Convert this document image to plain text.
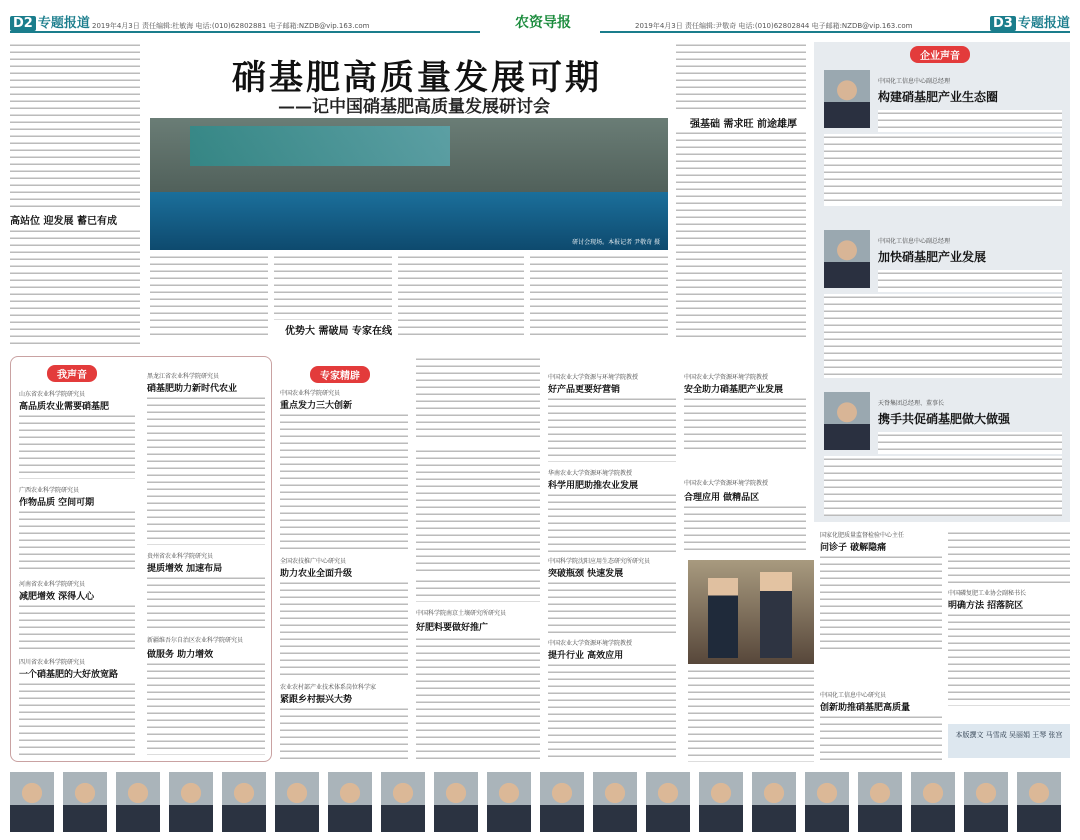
D2 专题报道 2019年4月3日 责任编辑:杜敏海 电话:(010)62802881 电子邮箱:NZDB@vip.163.com	农资导报	2019年4月3日 责任编辑:尹敬奇 电话:(010)62802844 电子邮箱:NZDB@vip.163.com	D3 专题报道
高站位 迎发展 蓄已有成
硝基肥高质量发展可期
——记中国硝基肥高质量发展研讨会
研讨会现场。本报记者 尹敬奇 摄
优势大 需破局 专家在线
强基础 需求旺 前途雄厚
企业声音
中国化工信息中心副总经理
构建硝基肥产业生态圈
中国化工信息中心副总经理
加快硝基肥产业发展
天脊集团总经理、董事长
携手共促硝基肥做大做强
我声音
山东省农业科学院研究员
高品质农业需要硝基肥
广西农业科学院研究员
作物品质 空间可期
河南省农业科学院研究员
减肥增效 深得人心
四川省农业科学院研究员
一个硝基肥的大好放宽路
黑龙江省农业科学院研究员
硝基肥助力新时代农业
贵州省农业科学院研究员
提质增效 加速布局
新疆维吾尔自治区农业科学院研究员
做服务 助力增效
专家精辟
中国农业科学院研究员
重点发力三大创新
全国农技推广中心研究员
助力农业全面升级
农业农村部产业技术体系岗位科学家
紧跟乡村振兴大势
好肥料要做好推广
中国科学院南京土壤研究所研究员
中国农业大学资源与环境学院教授
好产品更要好营销
华南农业大学资源环境学院教授
科学用肥助推农业发展
中国科学院沈阳应用生态研究所研究员
突破瓶颈 快速发展
中国农业大学资源环境学院教授
提升行业 高效应用
中国农业大学资源环境学院教授
安全助力硝基肥产业发展
中国农业大学资源环境学院教授
合理应用 做精品区
国家化肥质量监督检验中心主任
问诊子 破解隐痛
中国化工信息中心研究员
创新助推硝基肥高质量
中国磷复肥工业协会副秘书长
明确方法 招落院区
本版撰文 马雪成 吴丽娟 王琴 张宫
